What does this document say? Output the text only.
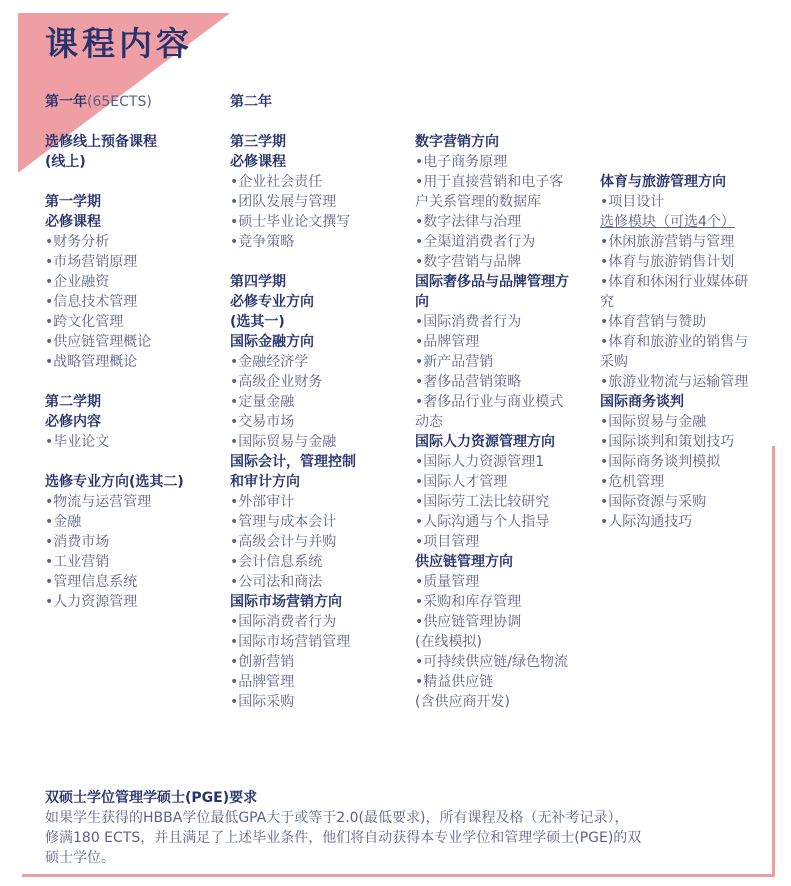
课程内容
第一年(65ECTS)
选修线上预备课程
(线上)
第一学期
必修课程
•财务分析
•市场营销原理
•企业融资
•信息技术管理
•跨文化管理
•供应链管理概论
•战略管理概论
第二学期
必修内容
•毕业论文
选修专业方向(选其二)
•物流与运营管理
•金融
•消费市场
•工业营销
•管理信息系统
•人力资源管理
第二年
第三学期
必修课程
•企业社会责任
•团队发展与管理
•硕士毕业论文撰写
•竞争策略
第四学期
必修专业方向
(选其一)
国际金融方向
•金融经济学
•高级企业财务
•定量金融
•交易市场
•国际贸易与金融
国际会计，管理控制
和审计方向
•外部审计
•管理与成本会计
•高级会计与并购
•会计信息系统
•公司法和商法
国际市场营销方向
•国际消费者行为
•国际市场营销管理
•创新营销
•品牌管理
•国际采购
数字营销方向
•电子商务原理
•用于直接营销和电子客户关系管理的数据库
•数字法律与治理
•全渠道消费者行为
•数字营销与品牌
国际奢侈品与品牌管理方向
•国际消费者行为
•品牌管理
•新产品营销
•奢侈品营销策略
•奢侈品行业与商业模式动态
国际人力资源管理方向
•国际人力资源管理1
•国际人才管理
•国际劳工法比较研究
•人际沟通与个人指导
•项目管理
供应链管理方向
•质量管理
•采购和库存管理
•供应链管理协调
(在线模拟)
•可持续供应链/绿色物流
•精益供应链
(含供应商开发)
体育与旅游管理方向
•项目设计
选修模块（可选4个）
•休闲旅游营销与管理
•体育与旅游销售计划
•体育和休闲行业媒体研究
•体育营销与赞助
•体育和旅游业的销售与采购
•旅游业物流与运输管理
国际商务谈判
•国际贸易与金融
•国际谈判和策划技巧
•国际商务谈判模拟
•危机管理
•国际资源与采购
•人际沟通技巧
双硕士学位管理学硕士(PGE)要求
如果学生获得的HBBA学位最低GPA大于或等于2.0(最低要求)，所有课程及格（无补考记录），
修满180 ECTS，并且满足了上述毕业条件，他们将自动获得本专业学位和管理学硕士(PGE)的双
硕士学位。
